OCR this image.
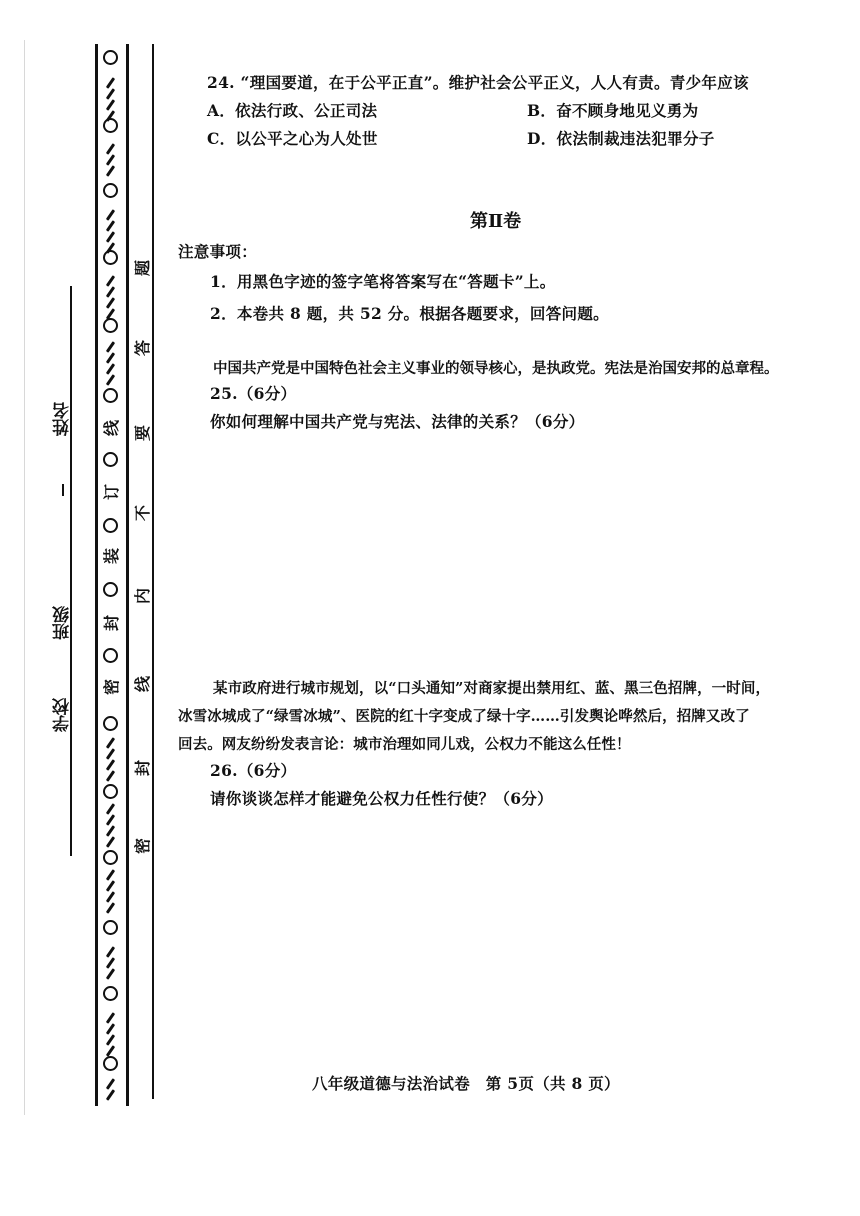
学校
班级
姓名
密
封
装
订
线
题
答
要
不
内
线
封
密
24. “理国要道，在于公平正直”。维护社会公平正义，人人有责。青少年应该
A．依法行政、公正司法	B．奋不顾身地见义勇为
C．以公平之心为人处世	D．依法制裁违法犯罪分子
第Ⅱ卷
注意事项：
1．用黑色字迹的签字笔将答案写在“答题卡”上。
2．本卷共 8 题，共 52 分。根据各题要求，回答问题。
中国共产党是中国特色社会主义事业的领导核心，是执政党。宪法是治国安邦的总章程。
25.（6分）
你如何理解中国共产党与宪法、法律的关系？（6分）
某市政府进行城市规划，以“口头通知”对商家提出禁用红、蓝、黑三色招牌，一时间，
冰雪冰城成了“绿雪冰城”、医院的红十字变成了绿十字……引发舆论哗然后，招牌又改了
回去。网友纷纷发表言论：城市治理如同儿戏，公权力不能这么任性！
26.（6分）
请你谈谈怎样才能避免公权力任性行使？（6分）
八年级道德与法治试卷　第 5页（共 8 页）
